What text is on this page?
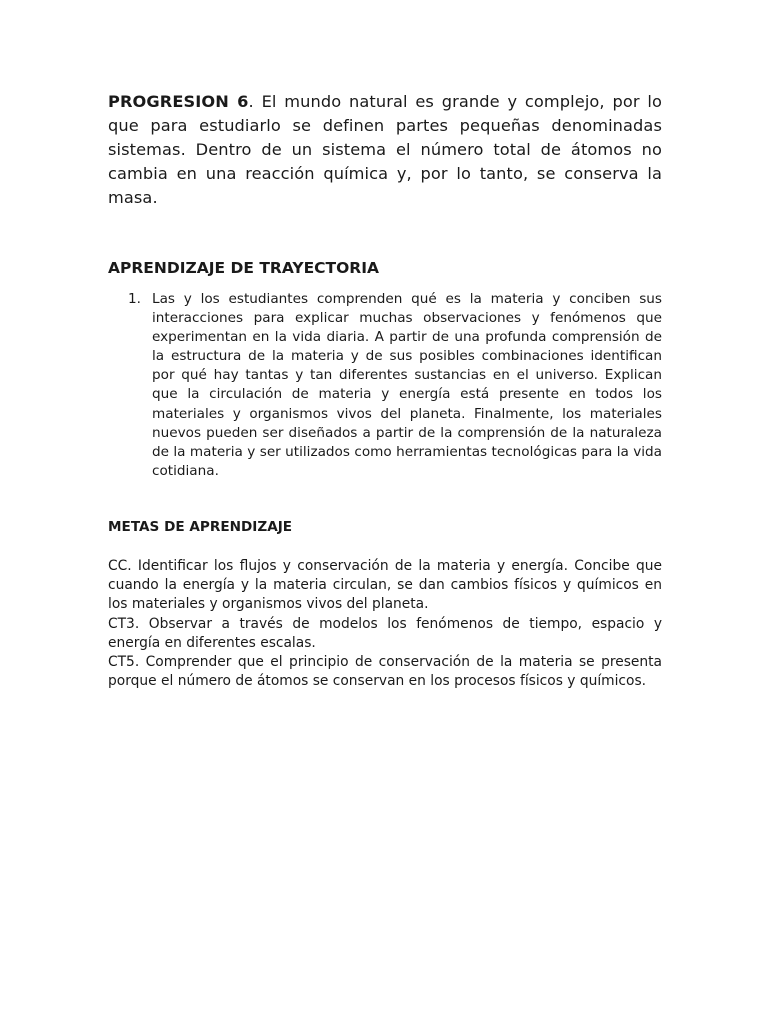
PROGRESION 6. El mundo natural es grande y complejo, por lo que para estudiarlo se definen partes pequeñas denominadas sistemas. Dentro de un sistema el número total de átomos no cambia en una reacción química y, por lo tanto, se conserva la masa.

APRENDIZAJE DE TRAYECTORIA
1. Las y los estudiantes comprenden qué es la materia y conciben sus interacciones para explicar muchas observaciones y fenómenos que experimentan en la vida diaria. A partir de una profunda comprensión de la estructura de la materia y de sus posibles combinaciones identifican por qué hay tantas y tan diferentes sustancias en el universo. Explican que la circulación de materia y energía está presente en todos los materiales y organismos vivos del planeta. Finalmente, los materiales nuevos pueden ser diseñados a partir de la comprensión de la naturaleza de la materia y ser utilizados como herramientas tecnológicas para la vida cotidiana.
METAS DE APRENDIZAJE

CC. Identificar los flujos y conservación de la materia y energía. Concibe que cuando la energía y la materia circulan, se dan cambios físicos y químicos en los materiales y organismos vivos del planeta.

CT3. Observar a través de modelos los fenómenos de tiempo, espacio y energía en diferentes escalas.

CT5. Comprender que el principio de conservación de la materia se presenta porque el número de átomos se conservan en los procesos físicos y químicos.
